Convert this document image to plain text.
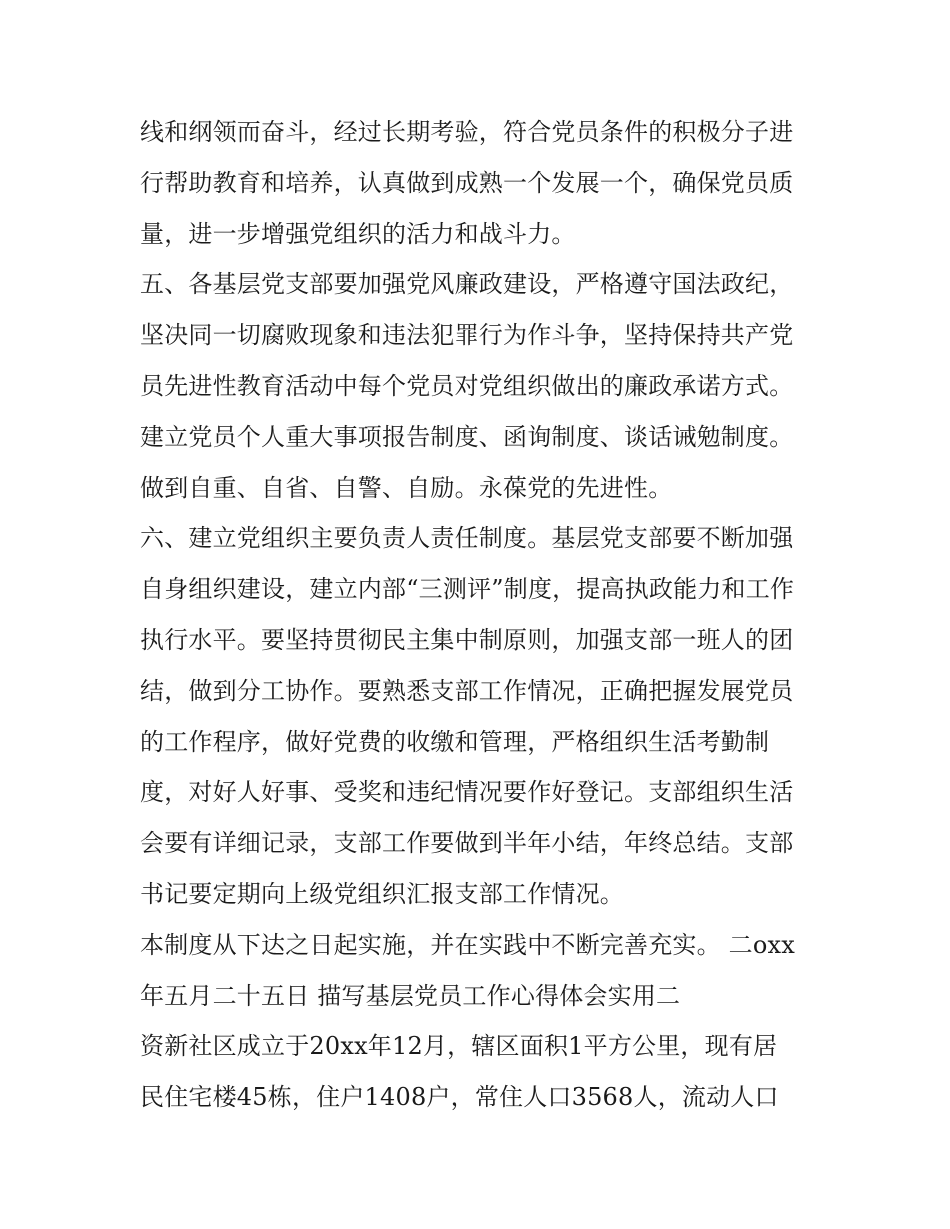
线和纲领而奋斗，经过长期考验，符合党员条件的积极分子进
行帮助教育和培养，认真做到成熟一个发展一个，确保党员质
量，进一步增强党组织的活力和战斗力。
五、各基层党支部要加强党风廉政建设，严格遵守国法政纪，
坚决同一切腐败现象和违法犯罪行为作斗争，坚持保持共产党
员先进性教育活动中每个党员对党组织做出的廉政承诺方式。
建立党员个人重大事项报告制度、函询制度、谈话诫勉制度。
做到自重、自省、自警、自励。永葆党的先进性。
六、建立党组织主要负责人责任制度。基层党支部要不断加强
自身组织建设，建立内部“三测评”制度，提高执政能力和工作
执行水平。要坚持贯彻民主集中制原则，加强支部一班人的团
结，做到分工协作。要熟悉支部工作情况，正确把握发展党员
的工作程序，做好党费的收缴和管理，严格组织生活考勤制
度，对好人好事、受奖和违纪情况要作好登记。支部组织生活
会要有详细记录，支部工作要做到半年小结，年终总结。支部
书记要定期向上级党组织汇报支部工作情况。
本制度从下达之日起实施，并在实践中不断完善充实。 二oxx
年五月二十五日 描写基层党员工作心得体会实用二
资新社区成立于20xx年12月，辖区面积1平方公里，现有居
民住宅楼45栋，住户1408户，常住人口3568人，流动人口
